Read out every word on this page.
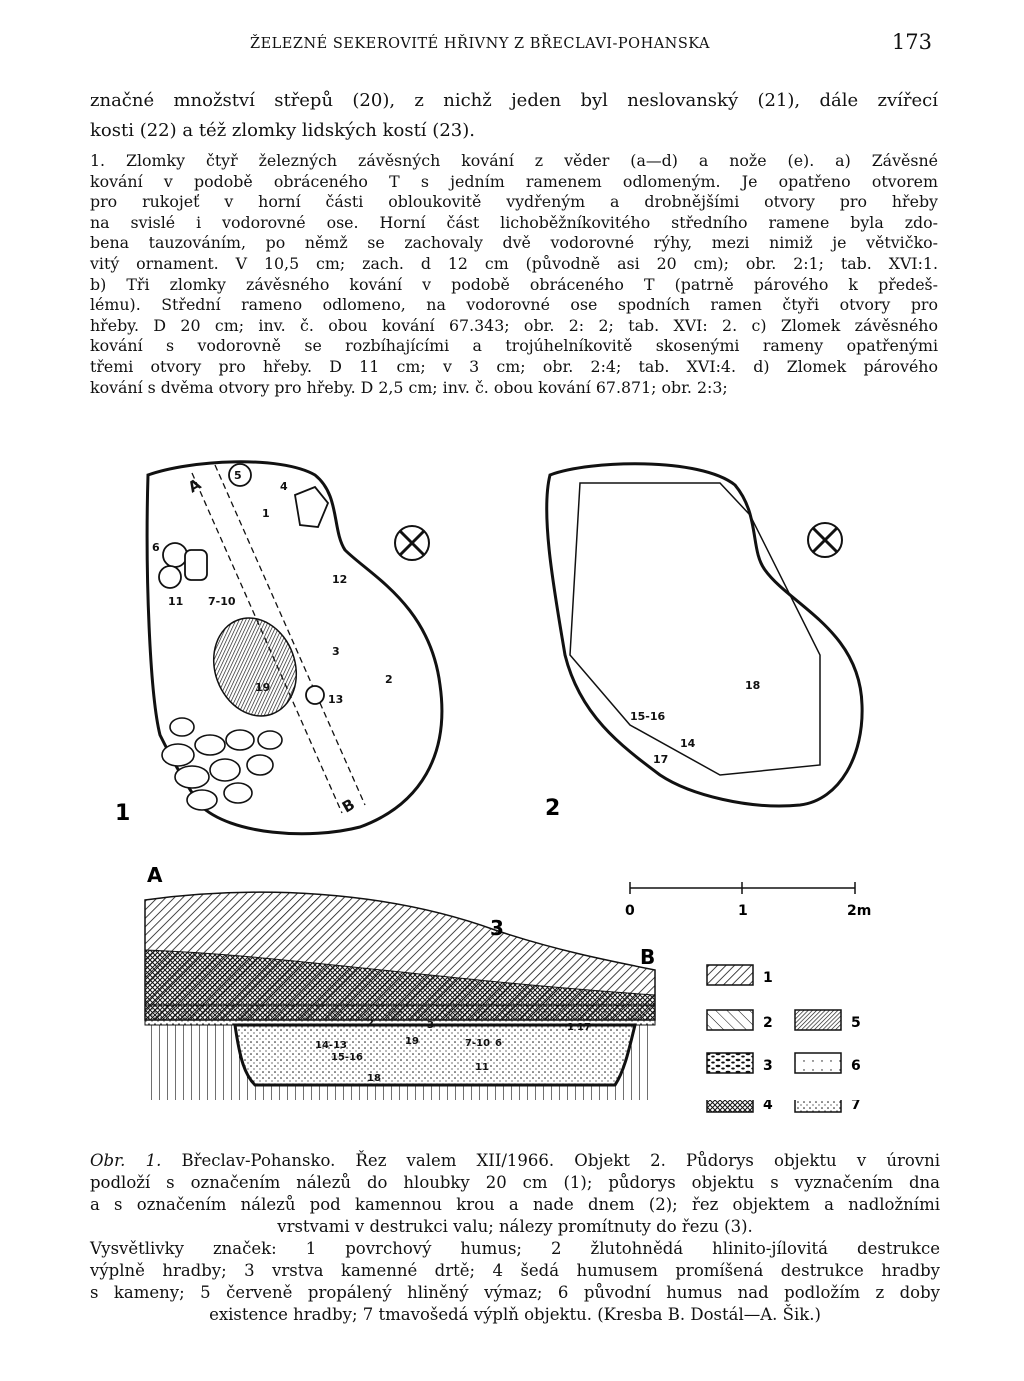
ŽELEZNÉ SEKEROVITÉ HŘIVNY Z BŘECLAVI-POHANSKA	173
značné množství střepů (20), z nichž jeden byl neslovanský (21), dále zvířecí
kosti (22) a též zlomky lidských kostí (23).
1. Zlomky čtyř železných závěsných kování z věder (a—d) a nože (e). a) Závěsné
kování v podobě obráceného T s jedním ramenem odlomeným. Je opatřeno otvorem
pro rukojeť v horní části obloukovitě vydřeným a drobnějšími otvory pro hřeby
na svislé i vodorovné ose. Horní část lichoběžníkovitého středního ramene byla zdo-
bena tauzováním, po němž se zachovaly dvě vodorovné rýhy, mezi nimiž je větvičko-
vitý ornament. V 10,5 cm; zach. d 12 cm (původně asi 20 cm); obr. 2:1; tab. XVI:1.
b) Tři zlomky závěsného kování v podobě obráceného T (patrně párového k předeš-
lému). Střední rameno odlomeno, na vodorovné ose spodních ramen čtyři otvory pro
hřeby. D 20 cm; inv. č. obou kování 67.343; obr. 2: 2; tab. XVI: 2. c) Zlomek závěsného
kování s vodorovně se rozbíhajícími a trojúhelníkovitě skosenými rameny opatřenými
třemi otvory pro hřeby. D 11 cm; v 3 cm; obr. 2:4; tab. XVI:4. d) Zlomek párového
kování s dvěma otvory pro hřeby. D 2,5 cm; inv. č. obou kování 67.871; obr. 2:3;
A
B
5
4
1
6
11 7-10
12
3
2
19
13
1
18
15-16
14
17
2
A
B
3
2	3
19
14-13
15-16
7-10 6
11
18
1 17
0	1	2m
1
2
3
5
6
4	7
Obr. 1. Břeclav-Pohansko. Řez valem XII/1966. Objekt 2. Půdorys objektu v úrovni
podloží s označením nálezů do hloubky 20 cm (1); půdorys objektu s vyznačením dna
a s označením nálezů pod kamennou krou a nade dnem (2); řez objektem a nadložními
vrstvami v destrukci valu; nálezy promítnuty do řezu (3).
Vysvětlivky značek: 1 povrchový humus; 2 žlutohnědá hlinito-jílovitá destrukce
výplně hradby; 3 vrstva kamenné drtě; 4 šedá humusem promíšená destrukce hradby
s kameny; 5 červeně propálený hliněný výmaz; 6 původní humus nad podložím z doby
existence hradby; 7 tmavošedá výplň objektu. (Kresba B. Dostál—A. Šik.)
